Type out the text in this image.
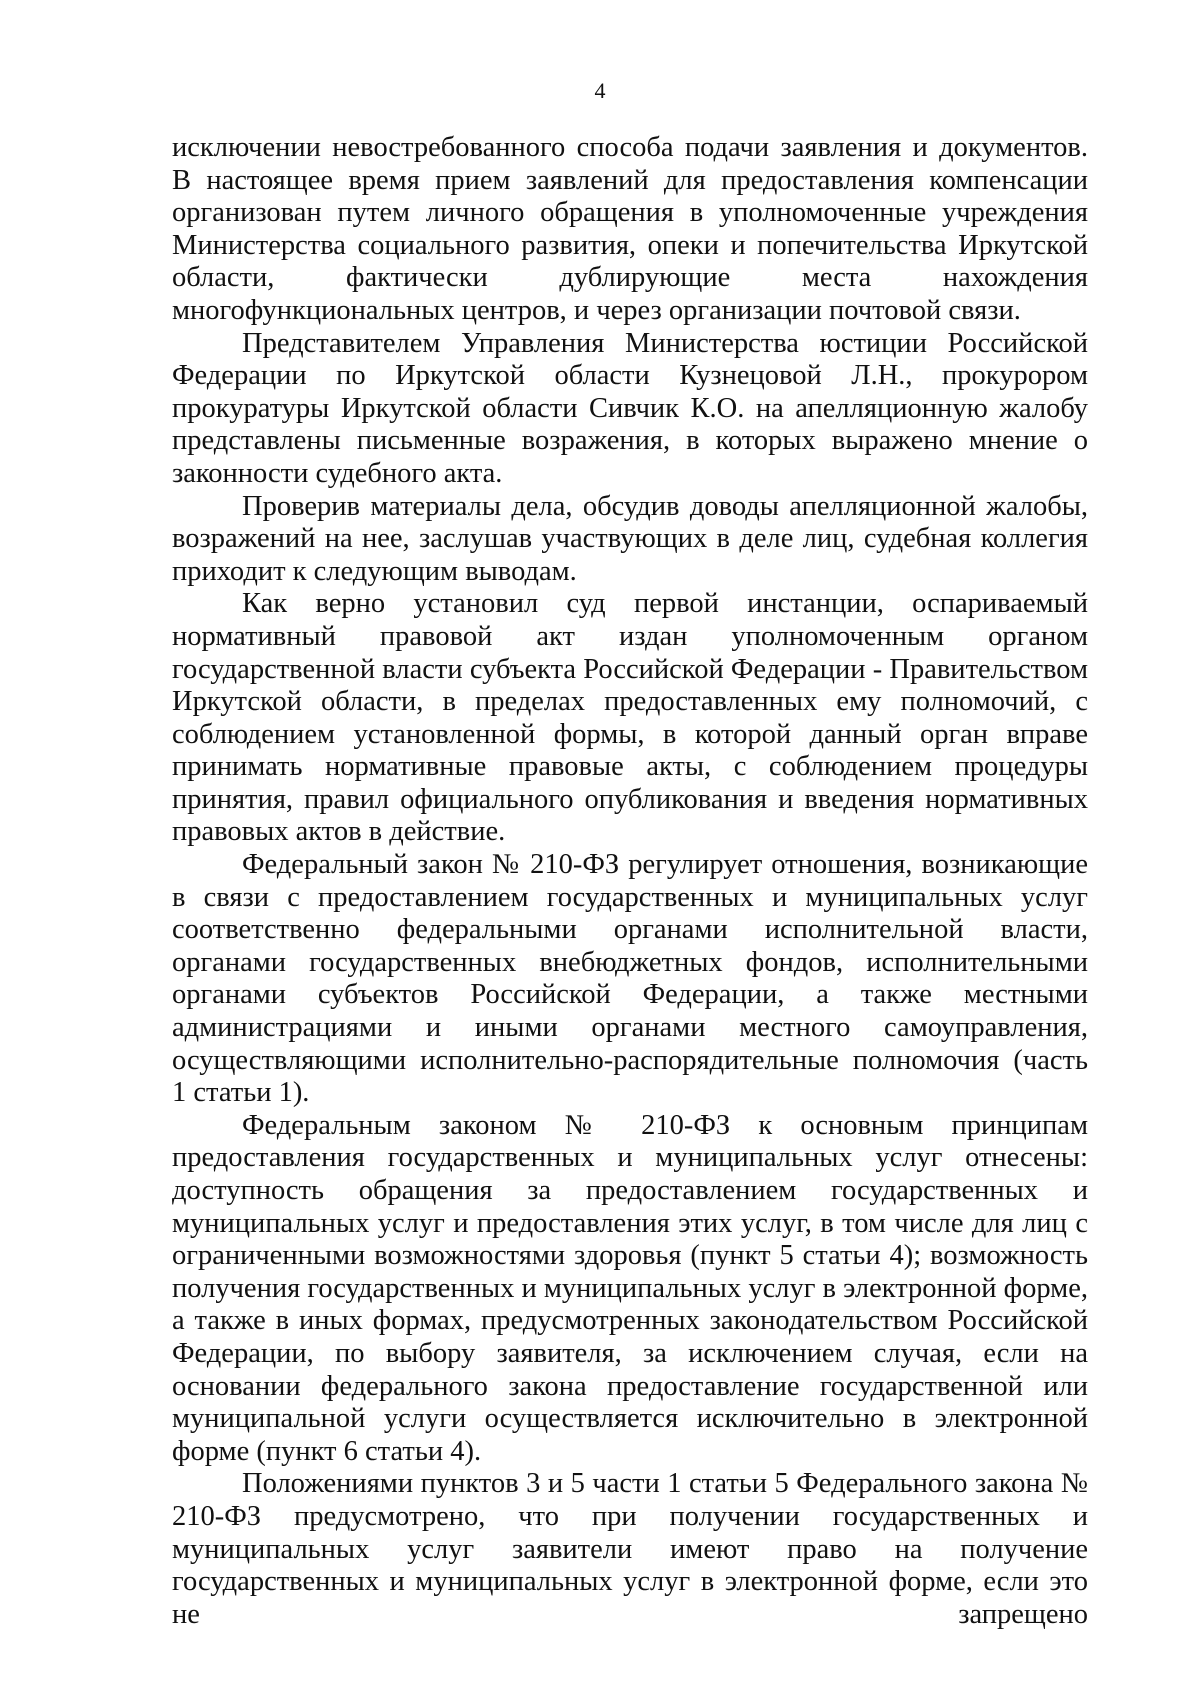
4

исключении невостребованного способа подачи заявления и документов. В настоящее время прием заявлений для предоставления компенсации организован путем личного обращения в уполномоченные учреждения Министерства социального развития, опеки и попечительства Иркутской области, фактически дублирующие места нахождения многофункциональных центров, и через организации почтовой связи.

Представителем Управления Министерства юстиции Российской Федерации по Иркутской области Кузнецовой Л.Н., прокурором прокуратуры Иркутской области Сивчик К.О. на апелляционную жалобу представлены письменные возражения, в которых выражено мнение о законности судебного акта.

Проверив материалы дела, обсудив доводы апелляционной жалобы, возражений на нее, заслушав участвующих в деле лиц, судебная коллегия приходит к следующим выводам.

Как верно установил суд первой инстанции, оспариваемый нормативный правовой акт издан уполномоченным органом государственной власти субъекта Российской Федерации - Правительством Иркутской области, в пределах предоставленных ему полномочий, с соблюдением установленной формы, в которой данный орган вправе принимать нормативные правовые акты, с соблюдением процедуры принятия, правил официального опубликования и введения нормативных правовых актов в действие.

Федеральный закон № 210-ФЗ регулирует отношения, возникающие в связи с предоставлением государственных и муниципальных услуг соответственно федеральными органами исполнительной власти, органами государственных внебюджетных фондов, исполнительными органами субъектов Российской Федерации, а также местными администрациями и иными органами местного самоуправления, осуществляющими исполнительно-распорядительные полномочия (часть 1 статьи 1).

Федеральным законом № 210-ФЗ к основным принципам предоставления государственных и муниципальных услуг отнесены: доступность обращения за предоставлением государственных и муниципальных услуг и предоставления этих услуг, в том числе для лиц с ограниченными возможностями здоровья (пункт 5 статьи 4); возможность получения государственных и муниципальных услуг в электронной форме, а также в иных формах, предусмотренных законодательством Российской Федерации, по выбору заявителя, за исключением случая, если на основании федерального закона предоставление государственной или муниципальной услуги осуществляется исключительно в электронной форме (пункт 6 статьи 4).

Положениями пунктов 3 и 5 части 1 статьи 5 Федерального закона № 210-ФЗ предусмотрено, что при получении государственных и муниципальных услуг заявители имеют право на получение государственных и муниципальных услуг в электронной форме, если это не запрещено
